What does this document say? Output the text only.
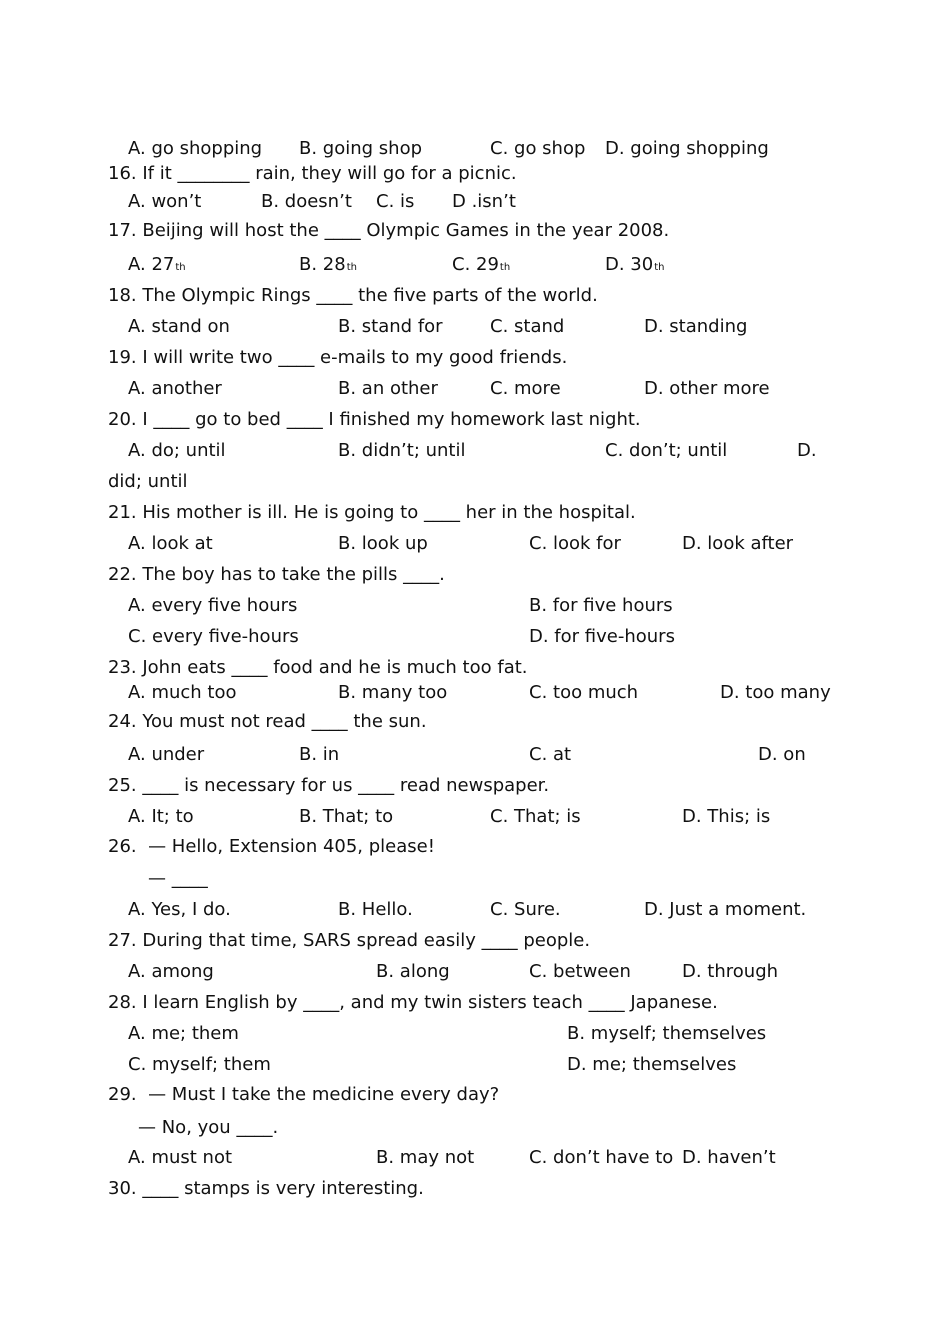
A. go shopping B. going shop	C. go shop D. going shopping
16. If it ________ rain, they will go for a picnic.
A. won’t	B. doesn’t C. is D .isn’t
17. Beijing will host the ____ Olympic Games in the year 2008.
A. 27th	B. 28th	C. 29th	D. 30th
18. The Olympic Rings ____ the five parts of the world.
A. stand on	B. stand for	C. stand	D. standing
19. I will write two ____ e-mails to my good friends.
A. another	B. an other	C. more	D. other more
20. I ____ go to bed ____ I finished my homework last night.
A. do; until	B. didn’t; until	C. don’t; until	D.
did; until
21. His mother is ill. He is going to ____ her in the hospital.
A. look at	B. look up	C. look for	D. look after
22. The boy has to take the pills ____.
A. every five hours	B. for five hours
C. every five-hours	D. for five-hours
23. John eats ____ food and he is much too fat.
A. much too	B. many too	C. too much	D. too many
24. You must not read ____ the sun.
A. under	B. in	C. at	D. on
25. ____ is necessary for us ____ read newspaper.
A. It; to	B. That; to	C. That; is	D. This; is
26.  — Hello, Extension 405, please!
— ____
A. Yes, I do.	B. Hello.	C. Sure.	D. Just a moment.
27. During that time, SARS spread easily ____ people.
A. among	B. along	C. between	D. through
28. I learn English by ____, and my twin sisters teach ____ Japanese.
A. me; them	B. myself; themselves
C. myself; them	D. me; themselves
29.  — Must I take the medicine every day?
— No, you ____.
A. must not	B. may not	C. don’t have to D. haven’t
30. ____ stamps is very interesting.
